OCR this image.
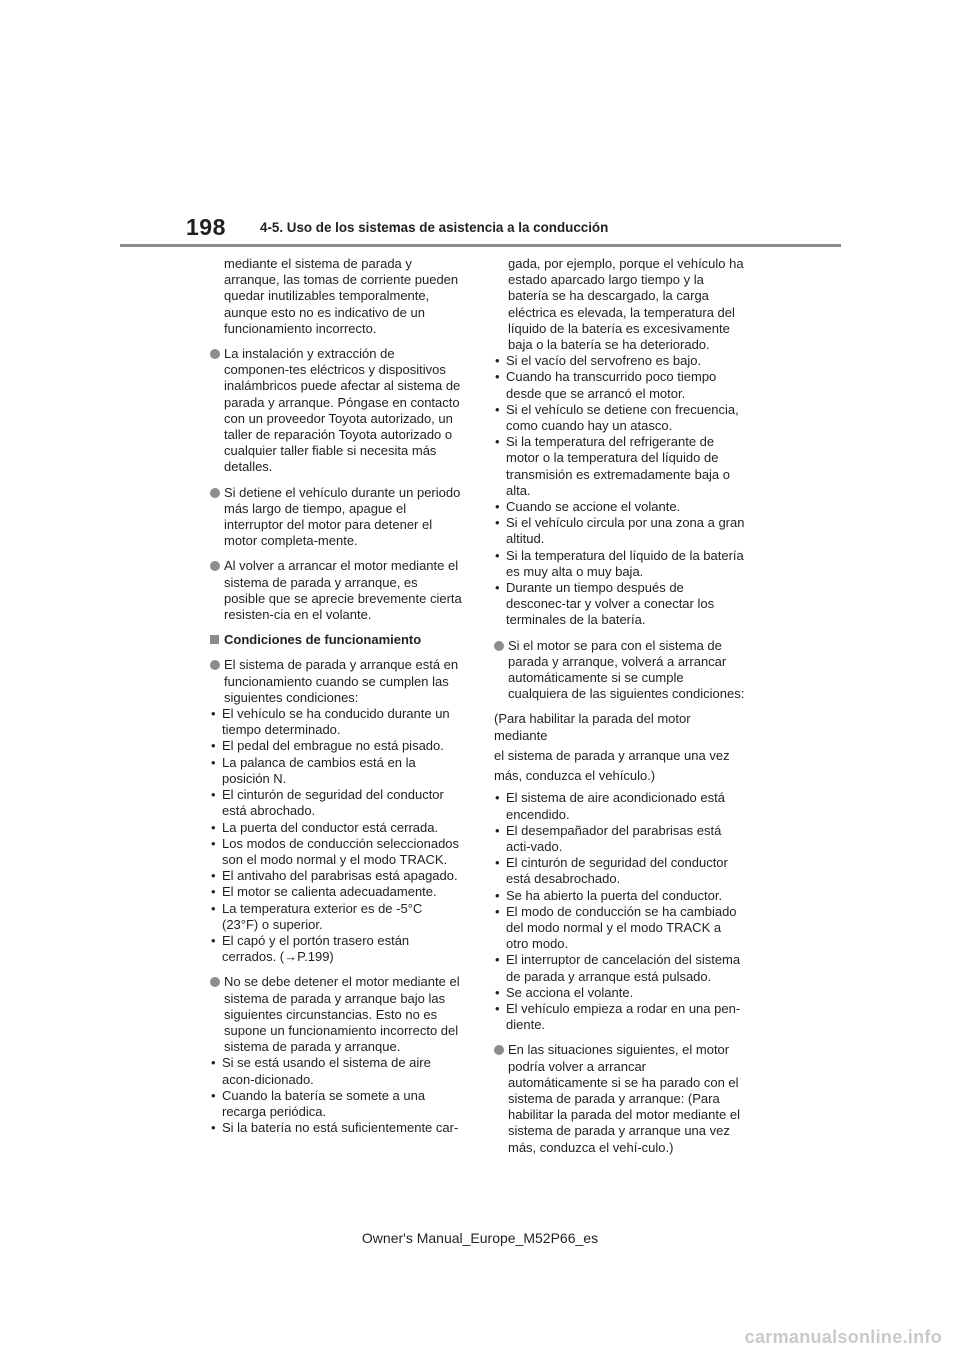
198	4-5. Uso de los sistemas de asistencia a la conducción

mediante el sistema de parada y arranque, las tomas de corriente pueden quedar inutilizables temporalmente, aunque esto no es indicativo de un funcionamiento incorrecto.

La instalación y extracción de componen-tes eléctricos y dispositivos inalámbricos puede afectar al sistema de parada y arranque. Póngase en contacto con un proveedor Toyota autorizado, un taller de reparación Toyota autorizado o cualquier taller fiable si necesita más detalles.
Si detiene el vehículo durante un periodo más largo de tiempo, apague el interruptor del motor para detener el motor completa-mente.
Al volver a arrancar el motor mediante el sistema de parada y arranque, es posible que se aprecie brevemente cierta resisten-cia en el volante.
Condiciones de funcionamiento
El sistema de parada y arranque está en funcionamiento cuando se cumplen las siguientes condiciones:
• El vehículo se ha conducido durante un tiempo determinado.
• El pedal del embrague no está pisado.
• La palanca de cambios está en la posición N.
• El cinturón de seguridad del conductor está abrochado.
• La puerta del conductor está cerrada.
• Los modos de conducción seleccionados son el modo normal y el modo TRACK.
• El antivaho del parabrisas está apagado.
• El motor se calienta adecuadamente.
• La temperatura exterior es de -5°C (23°F) o superior.
• El capó y el portón trasero están cerrados. (→P.199)
No se debe detener el motor mediante el sistema de parada y arranque bajo las siguientes circunstancias. Esto no es supone un funcionamiento incorrecto del sistema de parada y arranque.
• Si se está usando el sistema de aire acon-dicionado.
• Cuando la batería se somete a una recarga periódica.
• Si la batería no está suficientemente car-
gada, por ejemplo, porque el vehículo ha estado aparcado largo tiempo y la batería se ha descargado, la carga eléctrica es elevada, la temperatura del líquido de la batería es excesivamente baja o la batería se ha deteriorado.
• Si el vacío del servofreno es bajo.
• Cuando ha transcurrido poco tiempo desde que se arrancó el motor.
• Si el vehículo se detiene con frecuencia, como cuando hay un atasco.
• Si la temperatura del refrigerante de motor o la temperatura del líquido de transmisión es extremadamente baja o alta.
• Cuando se accione el volante.
• Si el vehículo circula por una zona a gran altitud.
• Si la temperatura del líquido de la batería es muy alta o muy baja.
• Durante un tiempo después de desconec-tar y volver a conectar los terminales de la batería.
Si el motor se para con el sistema de parada y arranque, volverá a arrancar automáticamente si se cumple cualquiera de las siguientes condiciones:
(Para habilitar la parada del motor mediante
el sistema de parada y arranque una vez
más, conduzca el vehículo.)
• El sistema de aire acondicionado está encendido.
• El desempañador del parabrisas está acti-vado.
• El cinturón de seguridad del conductor está desabrochado.
• Se ha abierto la puerta del conductor.
• El modo de conducción se ha cambiado del modo normal y el modo TRACK a otro modo.
• El interruptor de cancelación del sistema de parada y arranque está pulsado.
• Se acciona el volante.
• El vehículo empieza a rodar en una pen-diente.
En las situaciones siguientes, el motor podría volver a arrancar automáticamente si se ha parado con el sistema de parada y arranque: (Para habilitar la parada del motor mediante el sistema de parada y arranque una vez más, conduzca el vehí-culo.)
Owner's Manual_Europe_M52P66_es
carmanualsonline.info
